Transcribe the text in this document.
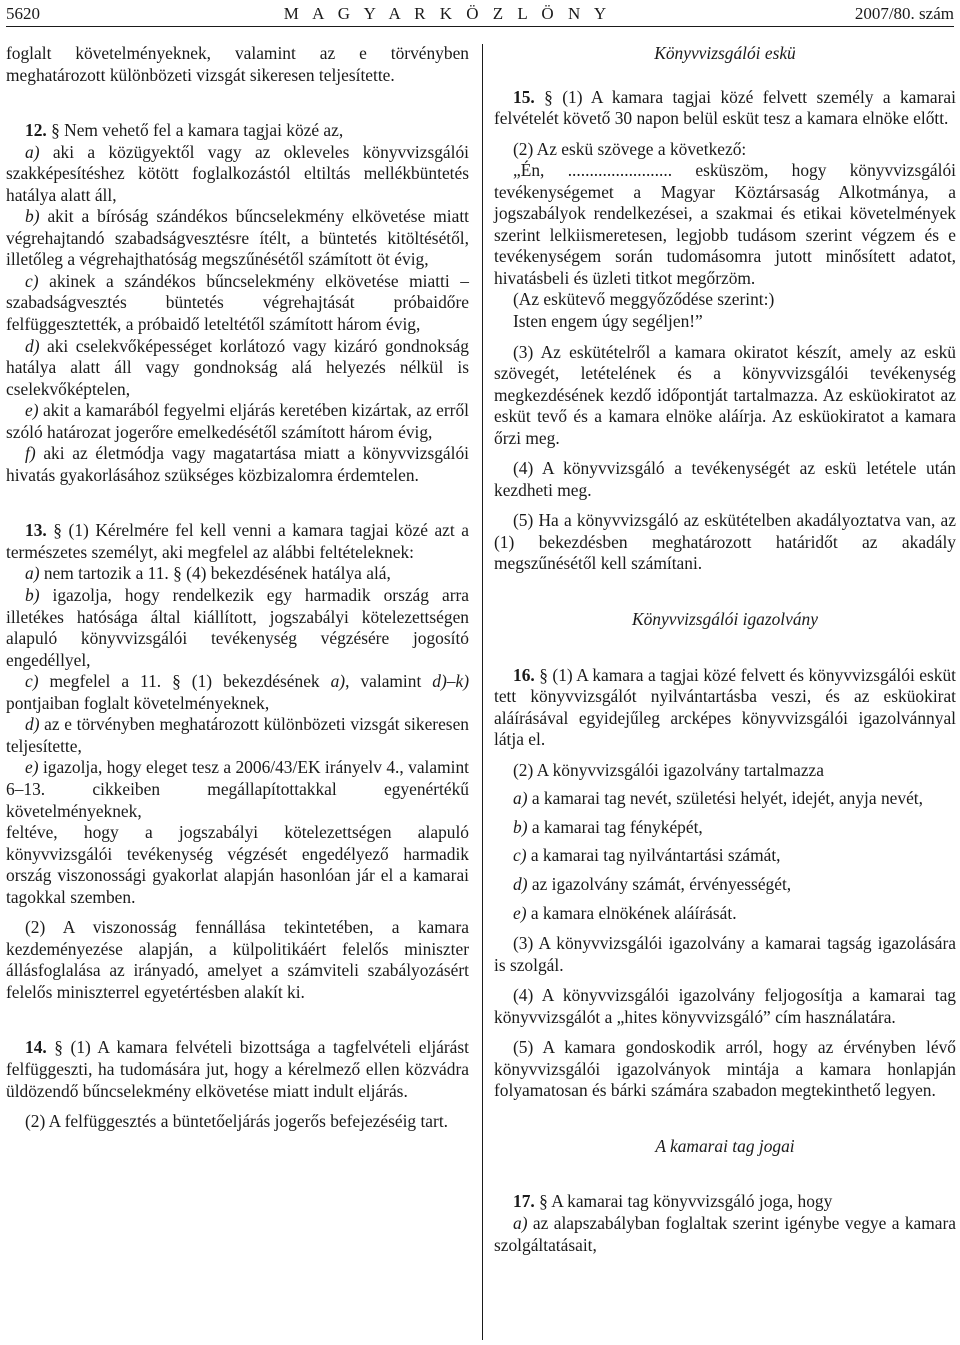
5620	M A G Y A R K Ö Z L Ö N Y	2007/80. szám

foglalt követelményeknek, valamint az e törvényben meghatározott különbözeti vizsgát sikeresen teljesítette.

12. § Nem vehető fel a kamara tagjai közé az,

a) aki a közügyektől vagy az okleveles könyvvizsgálói szakképesítéshez kötött foglalkozástól eltiltás mellékbüntetés hatálya alatt áll,

b) akit a bíróság szándékos bűncselekmény elkövetése miatt végrehajtandó szabadságvesztésre ítélt, a büntetés kitöltésétől, illetőleg a végrehajthatóság megszűnésétől számított öt évig,

c) akinek a szándékos bűncselekmény elkövetése miatti – szabadságvesztés büntetés végrehajtását próbaidőre felfüggesztették, a próbaidő leteltétől számított három évig,

d) aki cselekvőképességet korlátozó vagy kizáró gondnokság hatálya alatt áll vagy gondnokság alá helyezés nélkül is cselekvőképtelen,

e) akit a kamarából fegyelmi eljárás keretében kizártak, az erről szóló határozat jogerőre emelkedésétől számított három évig,

f) aki az életmódja vagy magatartása miatt a könyvvizsgálói hivatás gyakorlásához szükséges közbizalomra érdemtelen.

13. § (1) Kérelmére fel kell venni a kamara tagjai közé azt a természetes személyt, aki megfelel az alábbi feltételeknek:

a) nem tartozik a 11. § (4) bekezdésének hatálya alá,

b) igazolja, hogy rendelkezik egy harmadik ország arra illetékes hatósága által kiállított, jogszabályi kötelezettségen alapuló könyvvizsgálói tevékenység végzésére jogosító engedéllyel,

c) megfelel a 11. § (1) bekezdésének a), valamint d)–k) pontjaiban foglalt követelményeknek,

d) az e törvényben meghatározott különbözeti vizsgát sikeresen teljesítette,

e) igazolja, hogy eleget tesz a 2006/43/EK irányelv 4., valamint 6–13. cikkeiben megállapítottakkal egyenértékű követelményeknek,

feltéve, hogy a jogszabályi kötelezettségen alapuló könyvvizsgálói tevékenység végzését engedélyező harmadik ország viszonossági gyakorlat alapján hasonlóan jár el a kamarai tagokkal szemben.

(2) A viszonosság fennállása tekintetében, a kamara kezdeményezése alapján, a külpolitikáért felelős miniszter állásfoglalása az irányadó, amelyet a számviteli szabályozásért felelős miniszterrel egyetértésben alakít ki.

14. § (1) A kamara felvételi bizottsága a tagfelvételi eljárást felfüggeszti, ha tudomására jut, hogy a kérelmező ellen közvádra üldözendő bűncselekmény elkövetése miatt indult eljárás.

(2) A felfüggesztés a büntetőeljárás jogerős befejezéséig tart.

Könyvvizsgálói eskü

15. § (1) A kamara tagjai közé felvett személy a kamarai felvételét követő 30 napon belül esküt tesz a kamara elnöke előtt.

(2) Az eskü szövege a következő:

„Én, ........................ esküszöm, hogy könyvvizsgálói tevékenységemet a Magyar Köztársaság Alkotmánya, a jogszabályok rendelkezései, a szakmai és etikai követelmények szerint lelkiismeretesen, legjobb tudásom szerint végzem és e tevékenységem során tudomásomra jutott minősített adatot, hivatásbeli és üzleti titkot megőrzöm.

(Az eskütevő meggyőződése szerint:)

Isten engem úgy segéljen!”

(3) Az eskütételről a kamara okiratot készít, amely az eskü szövegét, letételének és a könyvvizsgálói tevékenység megkezdésének kezdő időpontját tartalmazza. Az esküokiratot az esküt tevő és a kamara elnöke aláírja. Az esküokiratot a kamara őrzi meg.

(4) A könyvvizsgáló a tevékenységét az eskü letétele után kezdheti meg.

(5) Ha a könyvvizsgáló az eskütételben akadályoztatva van, az (1) bekezdésben meghatározott határidőt az akadály megszűnésétől kell számítani.

Könyvvizsgálói igazolvány

16. § (1) A kamara a tagjai közé felvett és könyvvizsgálói esküt tett könyvvizsgálót nyilvántartásba veszi, és az esküokirat aláírásával egyidejűleg arcképes könyvvizsgálói igazolvánnyal látja el.

(2) A könyvvizsgálói igazolvány tartalmazza

a) a kamarai tag nevét, születési helyét, idejét, anyja nevét,

b) a kamarai tag fényképét,

c) a kamarai tag nyilvántartási számát,

d) az igazolvány számát, érvényességét,

e) a kamara elnökének aláírását.

(3) A könyvvizsgálói igazolvány a kamarai tagság igazolására is szolgál.

(4) A könyvvizsgálói igazolvány feljogosítja a kamarai tag könyvvizsgálót a „hites könyvvizsgáló” cím használatára.

(5) A kamara gondoskodik arról, hogy az érvényben lévő könyvvizsgálói igazolványok mintája a kamara honlapján folyamatosan és bárki számára szabadon megtekinthető legyen.

A kamarai tag jogai

17. § A kamarai tag könyvvizsgáló joga, hogy

a) az alapszabályban foglaltak szerint igénybe vegye a kamara szolgáltatásait,
